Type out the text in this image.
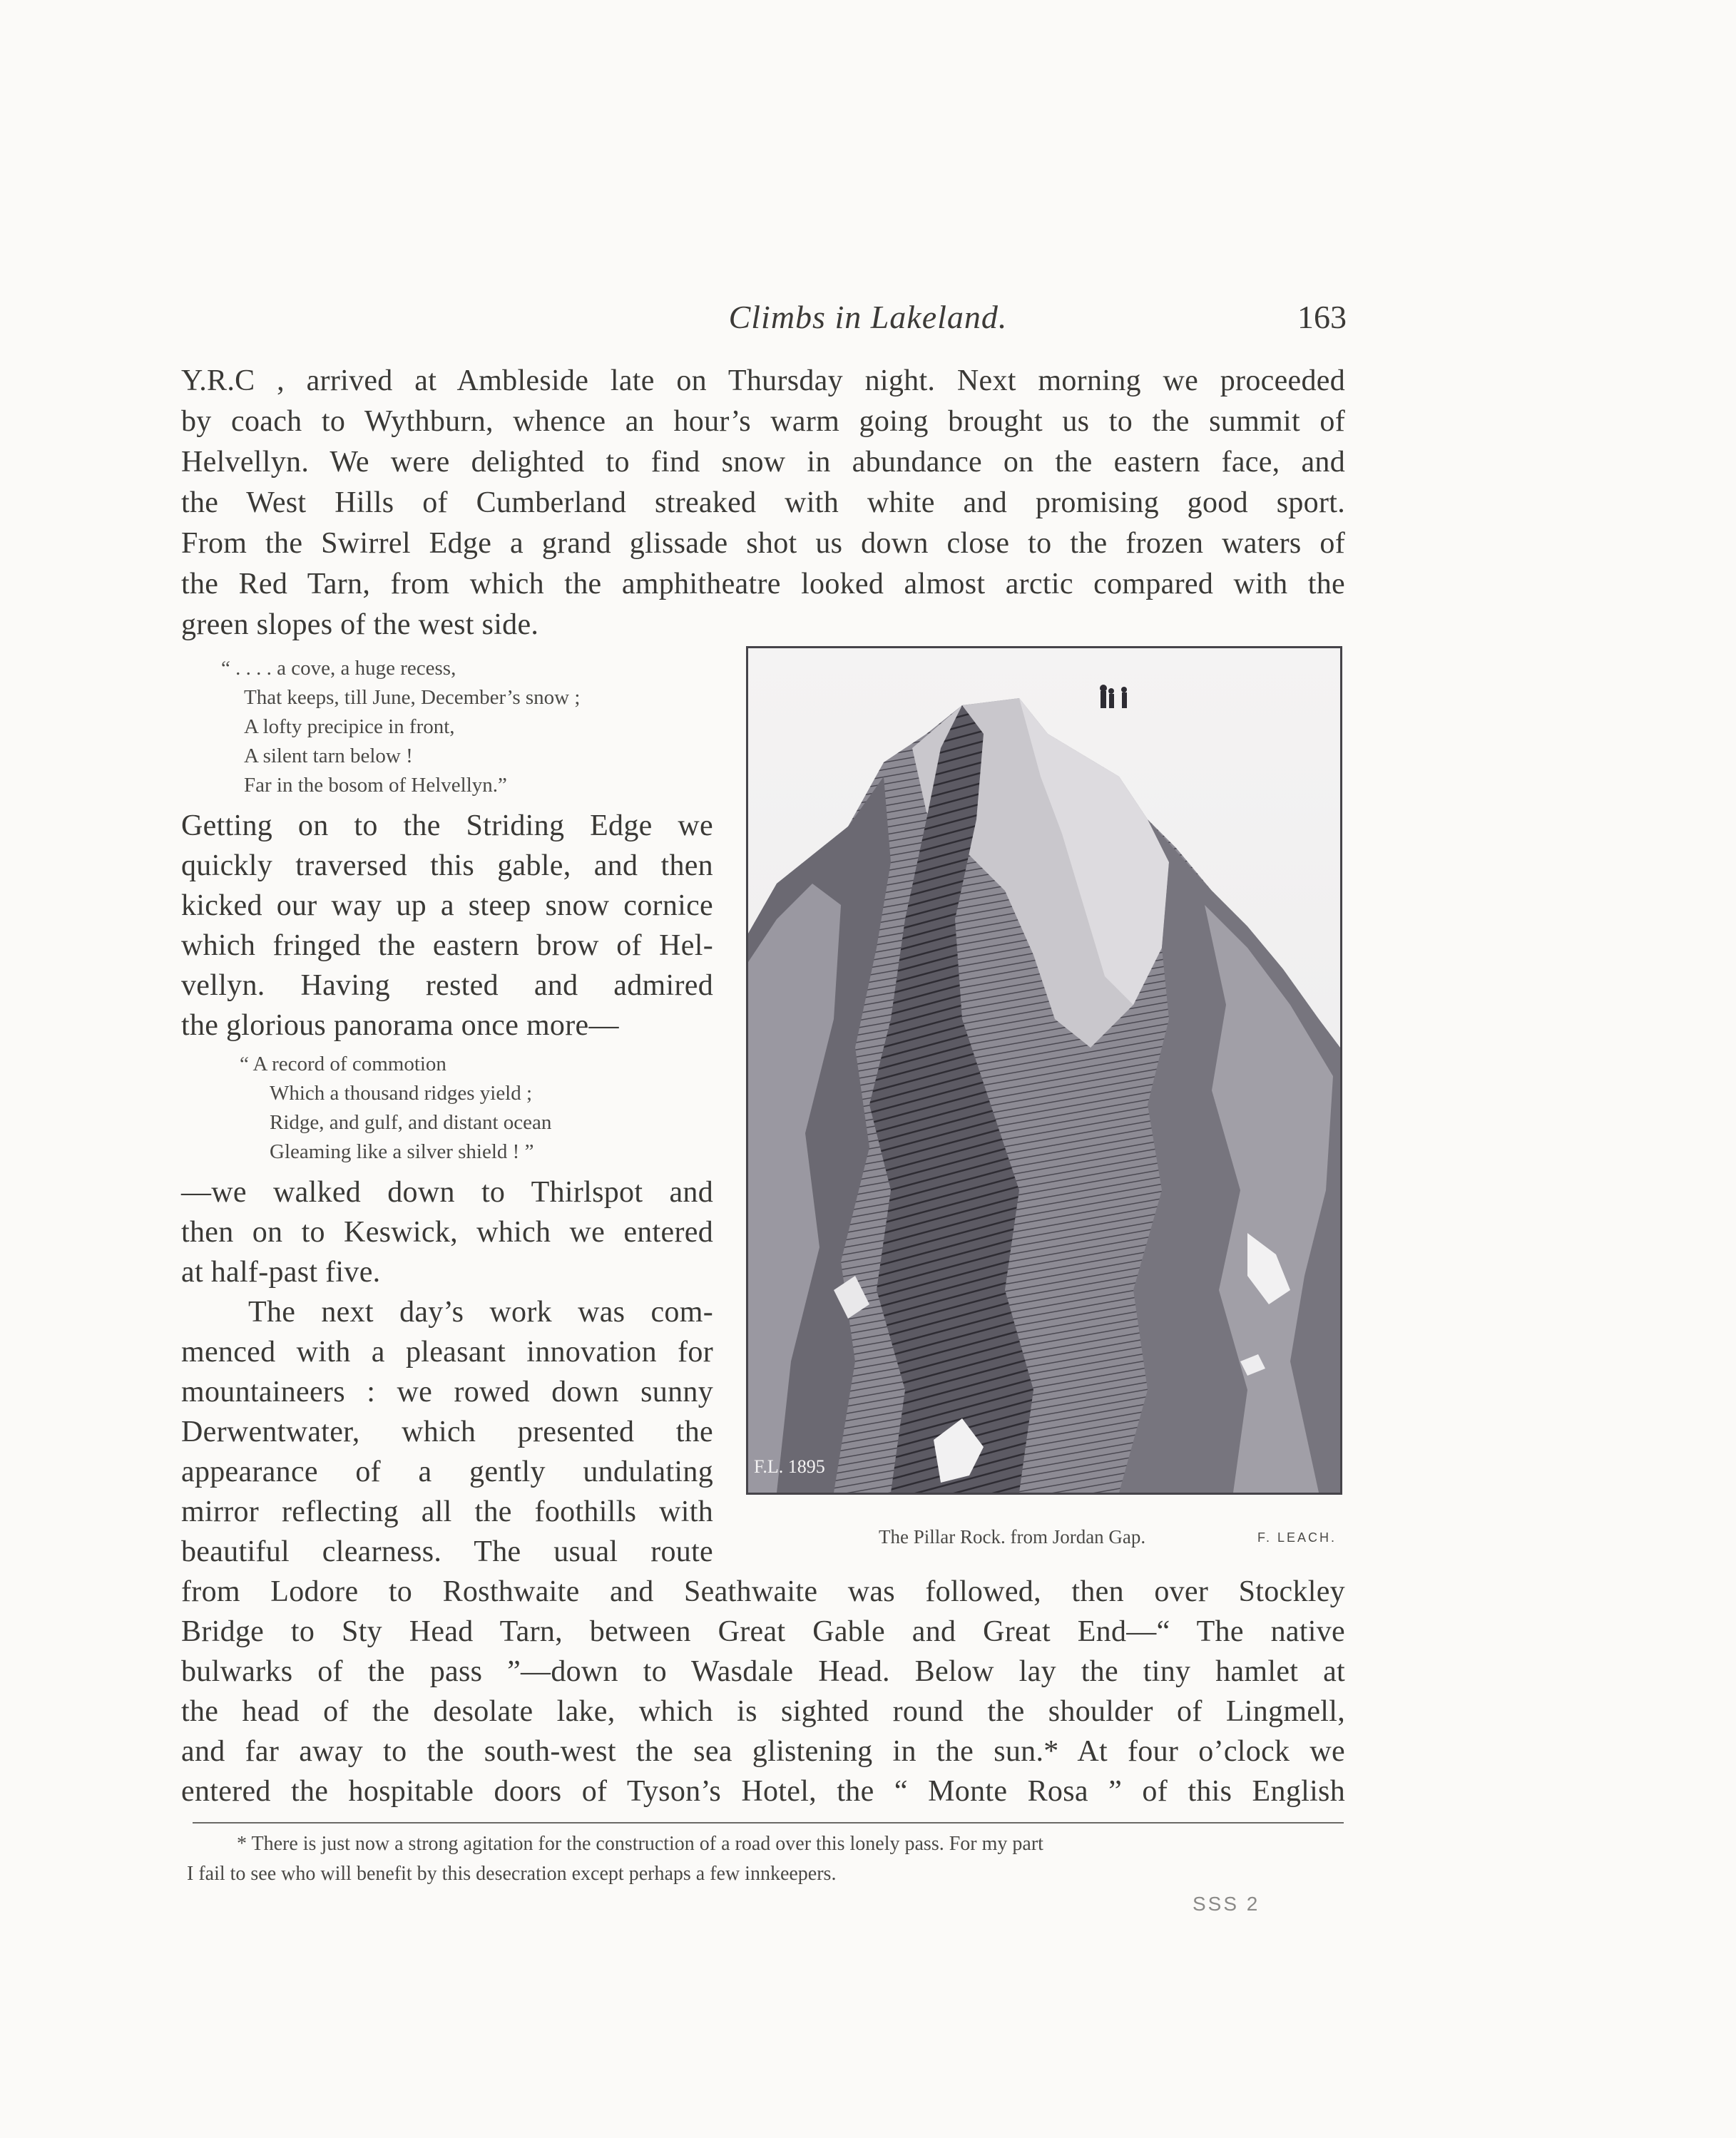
Climbs in Lakeland.	163
Y.R.C , arrived at Ambleside late on Thursday night. Next morning we proceeded
by coach to Wythburn, whence an hour’s warm going brought us to the summit of
Helvellyn. We were delighted to find snow in abundance on the eastern face, and
the West Hills of Cumberland streaked with white and promising good sport.
From the Swirrel Edge a grand glissade shot us down close to the frozen waters of
the Red Tarn, from which the amphitheatre looked almost arctic compared with the
green slopes of the west side.
“ . . . . a cove, a huge recess,
That keeps, till June, December’s snow ;
A lofty precipice in front,
A silent tarn below !
Far in the bosom of Helvellyn.”
Getting on to the Striding Edge we
quickly traversed this gable, and then
kicked our way up a steep snow cornice
which fringed the eastern brow of Hel-
vellyn. Having rested and admired
the glorious panorama once more—
“ A record of commotion
Which a thousand ridges yield ;
Ridge, and gulf, and distant ocean
Gleaming like a silver shield ! ”
—we walked down to Thirlspot and
then on to Keswick, which we entered
at half-past five.
The next day’s work was com-
menced with a pleasant innovation for
mountaineers : we rowed down sunny
Derwentwater, which presented the
appearance of a gently undulating
mirror reflecting all the foothills with
beautiful clearness. The usual route
F.L. 1895
The Pillar Rock. from Jordan Gap.	F. LEACH.
from Lodore to Rosthwaite and Seathwaite was followed, then over Stockley
Bridge to Sty Head Tarn, between Great Gable and Great End—“ The native
bulwarks of the pass ”—down to Wasdale Head. Below lay the tiny hamlet at
the head of the desolate lake, which is sighted round the shoulder of Lingmell,
and far away to the south-west the sea glistening in the sun.* At four o’clock we
entered the hospitable doors of Tyson’s Hotel, the “ Monte Rosa ” of this English
* There is just now a strong agitation for the construction of a road over this lonely pass. For my part
I fail to see who will benefit by this desecration except perhaps a few innkeepers.
SSS 2
